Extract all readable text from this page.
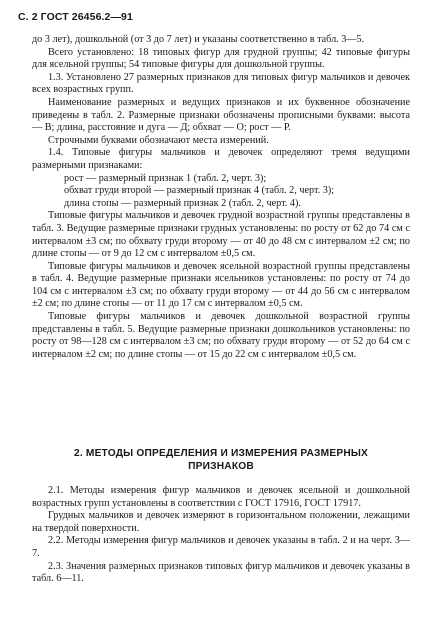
С. 2 ГОСТ 26456.2—91

до 3 лет), дошкольной (от 3 до 7 лет) и указаны соответственно в табл. 3—5.

Всего установлено: 18 типовых фигур для грудной группы; 42 типовые фигуры для ясельной группы; 54 типовые фигуры для дошкольной группы.

1.3. Установлено 27 размерных признаков для типовых фигур мальчиков и девочек всех возрастных групп.

Наименование размерных и ведущих признаков и их буквенное обозначение приведены в табл. 2. Размерные признаки обозначены прописными буквами: высота — В; длина, расстояние и дуга — Д; обхват — О; рост — Р.

Строчными буквами обозначают места измерений.

1.4. Типовые фигуры мальчиков и девочек определяют тремя ведущими размерными признаками:

рост — размерный признак 1 (табл. 2, черт. 3);

обхват груди второй — размерный признак 4 (табл. 2, черт. 3);

длина стопы — размерный признак 2 (табл. 2, черт. 4).

Типовые фигуры мальчиков и девочек грудной возрастной группы представлены в табл. 3. Ведущие размерные признаки грудных установлены: по росту от 62 до 74 см с интервалом ±3 см; по обхвату груди второму — от 40 до 48 см с интервалом ±2 см; по длине стопы — от 9 до 12 см с интервалом ±0,5 см.

Типовые фигуры мальчиков и девочек ясельной возрастной группы представлены в табл. 4. Ведущие размерные признаки ясельников установлены: по росту от 74 до 104 см с интервалом ±3 см; по обхвату груди второму — от 44 до 56 см с интервалом ±2 см; по длине стопы — от 11 до 17 см с интервалом ±0,5 см.

Типовые фигуры мальчиков и девочек дошкольной возрастной группы представлены в табл. 5. Ведущие размерные признаки дошкольников установлены: по росту от 98—128 см с интервалом ±3 см; по обхвату груди второму — от 52 до 64 см с интервалом ±2 см; по длине стопы — от 15 до 22 см с интервалом ±0,5 см.

2. МЕТОДЫ ОПРЕДЕЛЕНИЯ И ИЗМЕРЕНИЯ РАЗМЕРНЫХ
ПРИЗНАКОВ

2.1. Методы измерения фигур мальчиков и девочек ясельной и дошкольной возрастных групп установлены в соответствии с ГОСТ 17916, ГОСТ 17917.

Грудных мальчиков и девочек измеряют в горизонтальном положении, лежащими на твердой поверхности.

2.2. Методы измерения фигур мальчиков и девочек указаны в табл. 2 и на черт. 3—7.

2.3. Значения размерных признаков типовых фигур мальчиков и девочек указаны в табл. 6—11.
